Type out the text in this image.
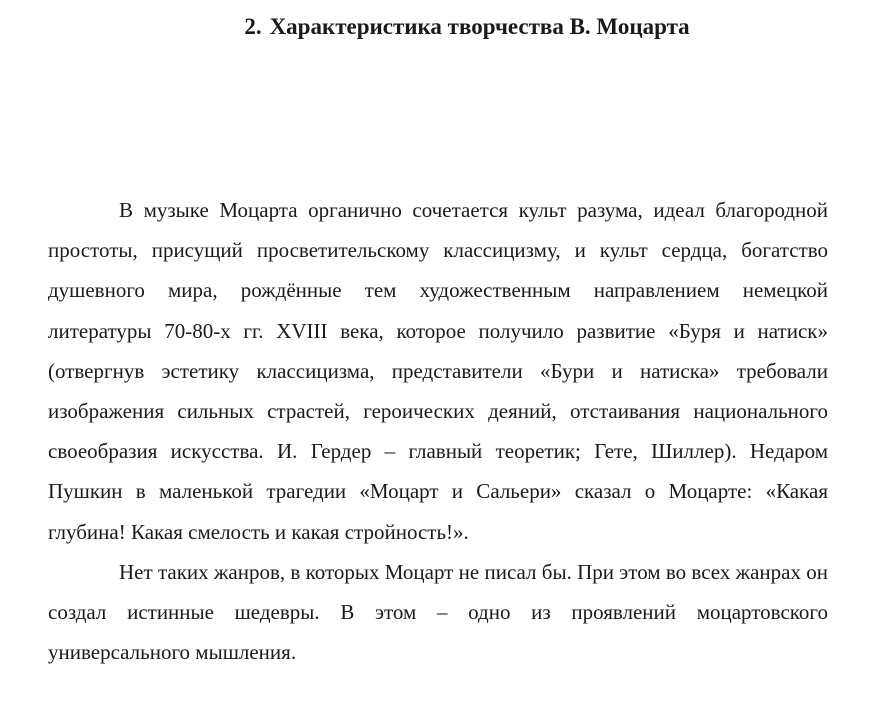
2. Характеристика творчества В. Моцарта

В музыке Моцарта органично сочетается культ разума, идеал благородной простоты, присущий просветительскому классицизму, и культ сердца, богатство душевного мира, рождённые тем художественным направлением немецкой литературы 70-80-х гг. XVIII века, которое получило развитие «Буря и натиск» (отвергнув эстетику классицизма, представители «Бури и натиска» требовали изображения сильных страстей, героических деяний, отстаивания национального своеобразия искусства. И. Гердер – главный теоретик; Гете, Шиллер). Недаром Пушкин в маленькой трагедии «Моцарт и Сальери» сказал о Моцарте: «Какая глубина! Какая смелость и какая стройность!».

Нет таких жанров, в которых Моцарт не писал бы. При этом во всех жанрах он создал истинные шедевры. В этом – одно из проявлений моцартовского универсального мышления.
